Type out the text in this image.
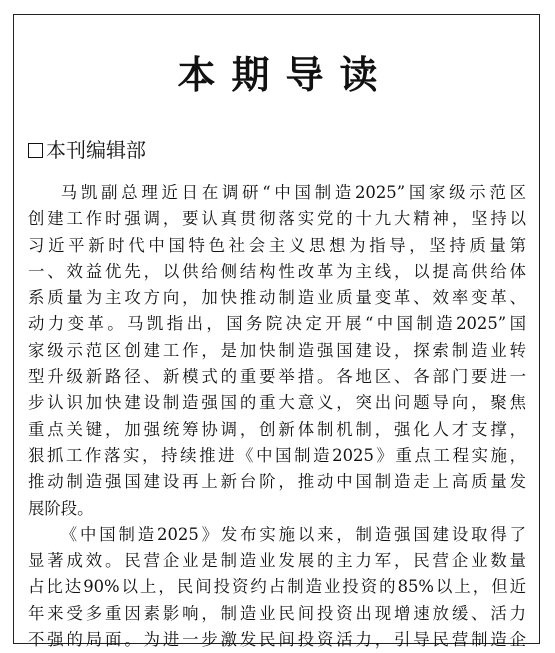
本期导读
本刊编辑部
马凯副总理近日在调研“中国制造2025”国家级示范区
创建工作时强调，要认真贯彻落实党的十九大精神，坚持以
习近平新时代中国特色社会主义思想为指导，坚持质量第
一、效益优先，以供给侧结构性改革为主线，以提高供给体
系质量为主攻方向，加快推动制造业质量变革、效率变革、
动力变革。马凯指出，国务院决定开展“中国制造2025”国
家级示范区创建工作，是加快制造强国建设，探索制造业转
型升级新路径、新模式的重要举措。各地区、各部门要进一
步认识加快建设制造强国的重大意义，突出问题导向，聚焦
重点关键，加强统筹协调，创新体制机制，强化人才支撑，
狠抓工作落实，持续推进《中国制造2025》重点工程实施，
推动制造强国建设再上新台阶，推动中国制造走上高质量发
展阶段。
《中国制造2025》发布实施以来，制造强国建设取得了
显著成效。民营企业是制造业发展的主力军，民营企业数量
占比达90%以上，民间投资约占制造业投资的85%以上，但近
年来受多重因素影响，制造业民间投资出现增速放缓、活力
不强的局面。为进一步激发民间投资活力，引导民营制造企
